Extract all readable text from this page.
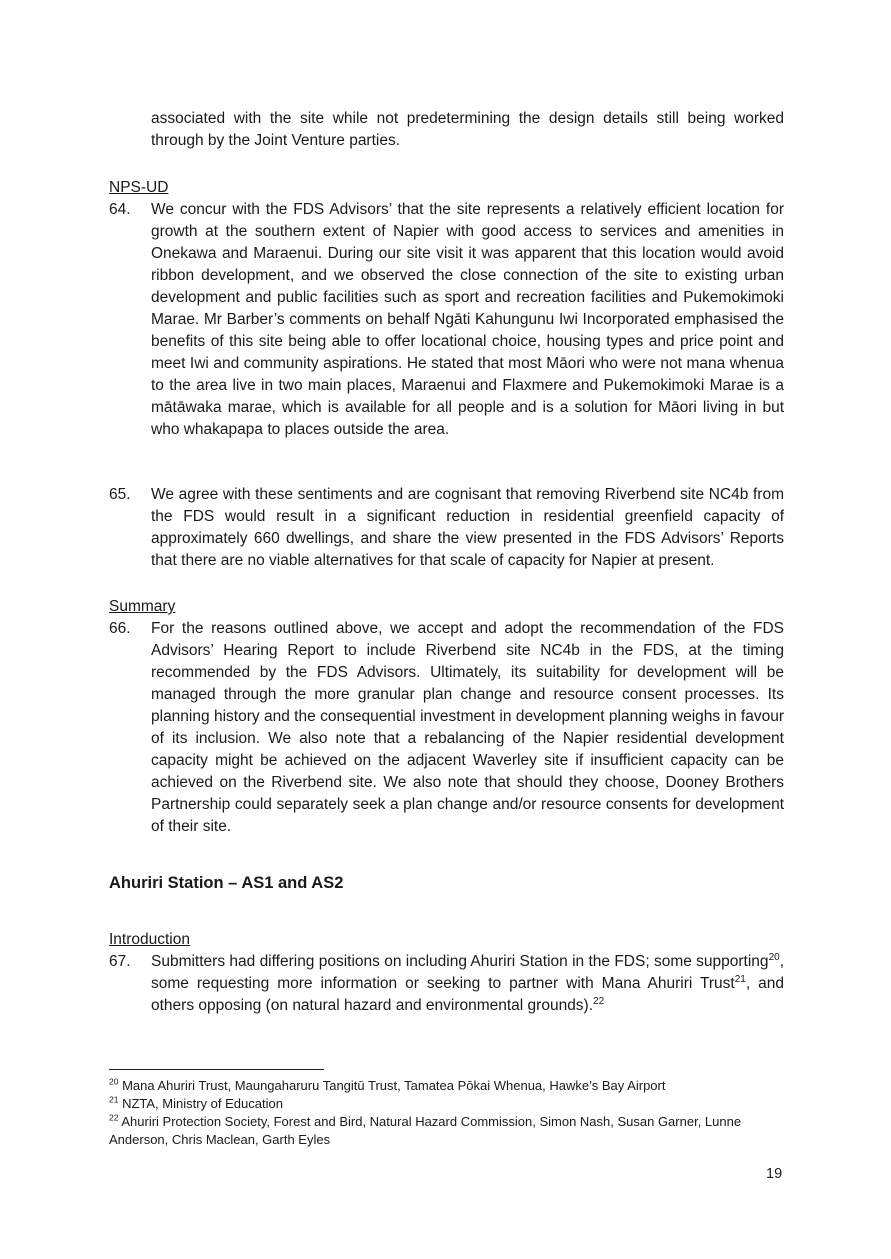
associated with the site while not predetermining the design details still being worked through by the Joint Venture parties.
NPS-UD
64.	We concur with the FDS Advisors’ that the site represents a relatively efficient location for growth at the southern extent of Napier with good access to services and amenities in Onekawa and Maraenui. During our site visit it was apparent that this location would avoid ribbon development, and we observed the close connection of the site to existing urban development and public facilities such as sport and recreation facilities and Pukemokimoki Marae. Mr Barber’s comments on behalf Ngāti Kahungunu Iwi Incorporated emphasised the benefits of this site being able to offer locational choice, housing types and price point and meet Iwi and community aspirations. He stated that most Māori who were not mana whenua to the area live in two main places, Maraenui and Flaxmere and Pukemokimoki Marae is a mātāwaka marae, which is available for all people and is a solution for Māori living in but who whakapapa to places outside the area.
65.	We agree with these sentiments and are cognisant that removing Riverbend site NC4b from the FDS would result in a significant reduction in residential greenfield capacity of approximately 660 dwellings, and share the view presented in the FDS Advisors’ Reports that there are no viable alternatives for that scale of capacity for Napier at present.
Summary
66.	For the reasons outlined above, we accept and adopt the recommendation of the FDS Advisors’ Hearing Report to include Riverbend site NC4b in the FDS, at the timing recommended by the FDS Advisors. Ultimately, its suitability for development will be managed through the more granular plan change and resource consent processes. Its planning history and the consequential investment in development planning weighs in favour of its inclusion. We also note that a rebalancing of the Napier residential development capacity might be achieved on the adjacent Waverley site if insufficient capacity can be achieved on the Riverbend site. We also note that should they choose, Dooney Brothers Partnership could separately seek a plan change and/or resource consents for development of their site.
Ahuriri Station – AS1 and AS2
Introduction
67.	Submitters had differing positions on including Ahuriri Station in the FDS; some supporting$^{20}$, some requesting more information or seeking to partner with Mana Ahuriri Trust$^{21}$, and others opposing (on natural hazard and environmental grounds).$^{22}$

$^{20}$ Mana Ahuriri Trust, Maungaharuru Tangitū Trust, Tamatea Pōkai Whenua, Hawke’s Bay Airport

$^{21}$ NZTA, Ministry of Education

$^{22}$ Ahuriri Protection Society, Forest and Bird, Natural Hazard Commission, Simon Nash, Susan Garner, Lunne Anderson, Chris Maclean, Garth Eyles

19
